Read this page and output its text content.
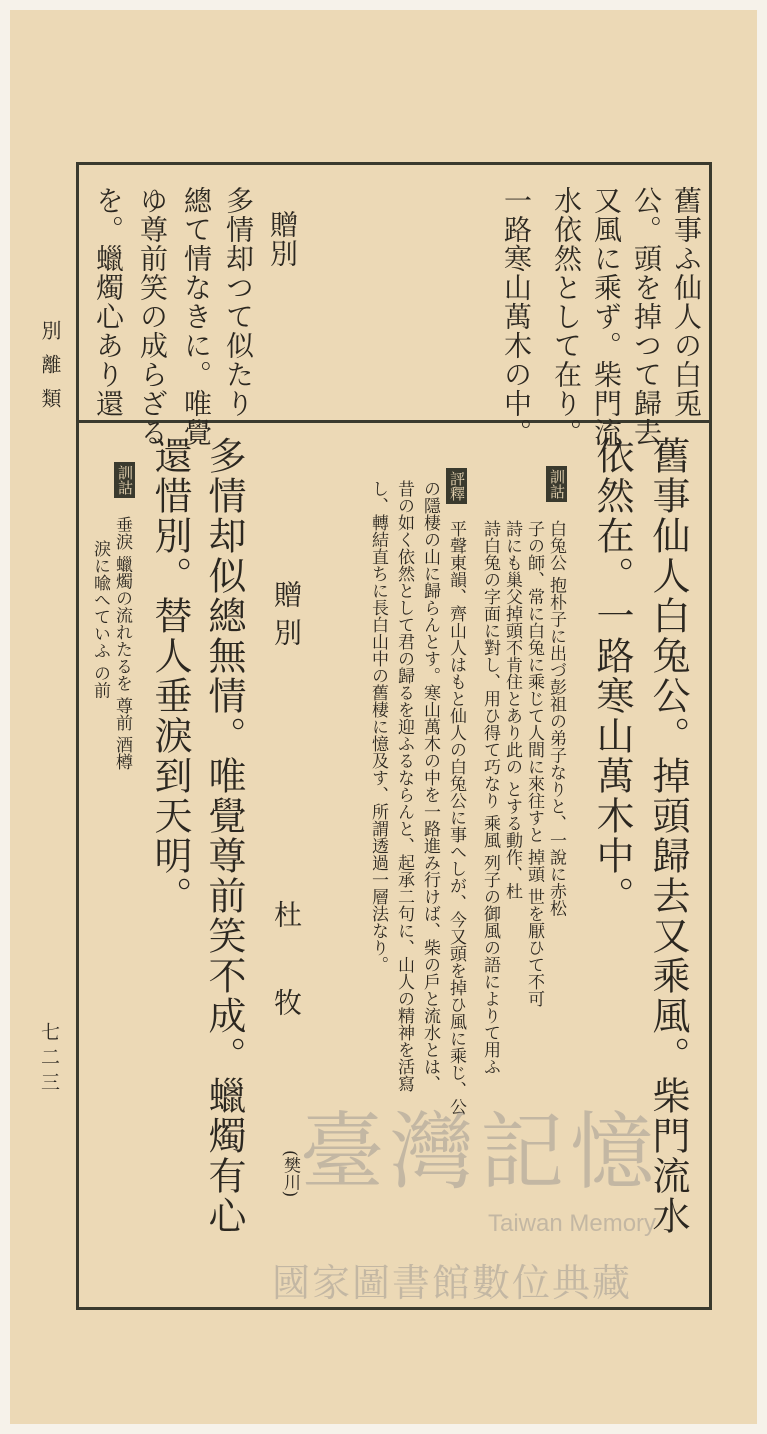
別離類
七二三
舊事ふ仙人の白兎
公。頭を掉つて歸去
又風に乘ず。柴門流
水依然として在り。
一路寒山萬木の中。
贈別
多情却つて似たり
總て情なきに。唯覺
ゆ尊前笑の成らざる
を。蠟燭心あり還
舊事仙人白兔公。掉頭歸去又乘風。柴門流水
依然在。一路寒山萬木中。
訓詁
白兔公 抱朴子に出づ彭祖の弟子なりと、一說に赤松
子の師、常に白兔に乘じて人間に來往すと 掉頭 世を厭ひて不可
詩にも巢父掉頭不肯住とあり此の とする動作、杜
詩白兔の字面に對し、用ひ得て巧なり 乘風 列子の御風の語によりて用ふ
評釋
平聲東韻、齊山人はもと仙人の白兔公に事へしが、今又頭を掉ひ風に乘じ、公
の隱棲の山に歸らんとす。寒山萬木の中を一路進み行けば、柴の戶と流水とは、
昔の如く依然として君の歸るを迎ふるならんと、起承二句に、山人の精神を活寫
し、轉結直ちに長白山中の舊棲に憶及す、所謂透過一層法なり。
贈別
杜牧
(樊川)
多情却似總無情。唯覺尊前笑不成。蠟燭有心
還惜別。替人垂淚到天明。
訓詁
垂淚 蠟燭の流れたるを 尊前 酒樽
淚に喩へていふ の前
臺灣記憶
Taiwan Memory
國家圖書館數位典藏
